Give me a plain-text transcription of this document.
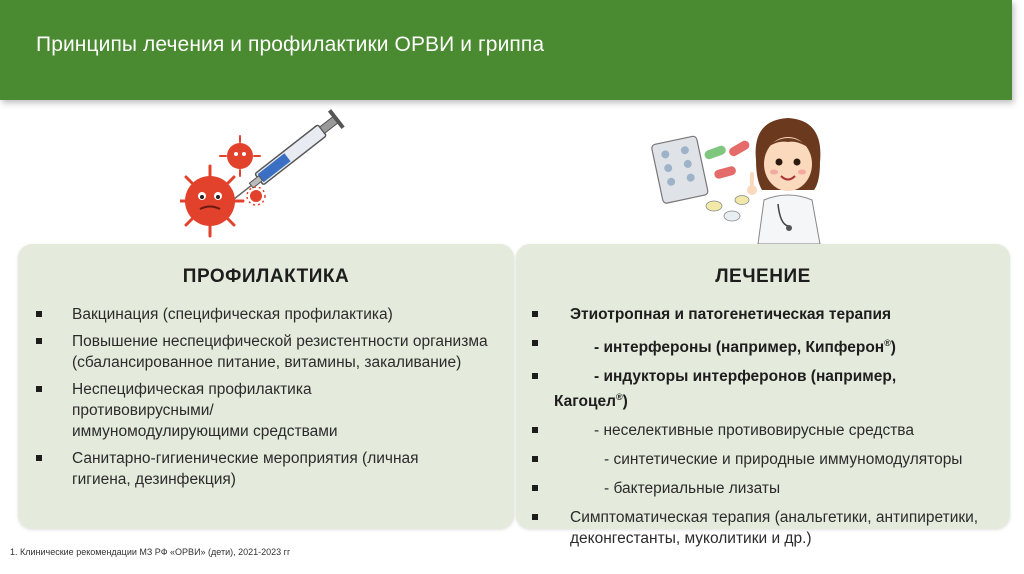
Принципы лечения и профилактики ОРВИ и гриппа
ПРОФИЛАКТИКА
Вакцинация (специфическая профилактика)
Повышение неспецифической резистентности организма (сбалансированное питание, витамины, закаливание)
Неспецифическая профилактика противовирусными/ иммуномодулирующими средствами
Санитарно-гигиенические мероприятия (личная гигиена, дезинфекция)
ЛЕЧЕНИЕ
Этиотропная и патогенетическая терапия
- интерфероны (например, Кипферон®)
- индукторы интерферонов (например,
Кагоцел®)
- неселективные противовирусные средства
- синтетические и природные иммуномодуляторы
- бактериальные лизаты
Симптоматическая терапия (анальгетики, антипиретики, деконгестанты, муколитики и др.)
1. Клинические рекомендации МЗ РФ «ОРВИ» (дети), 2021-2023 гг
